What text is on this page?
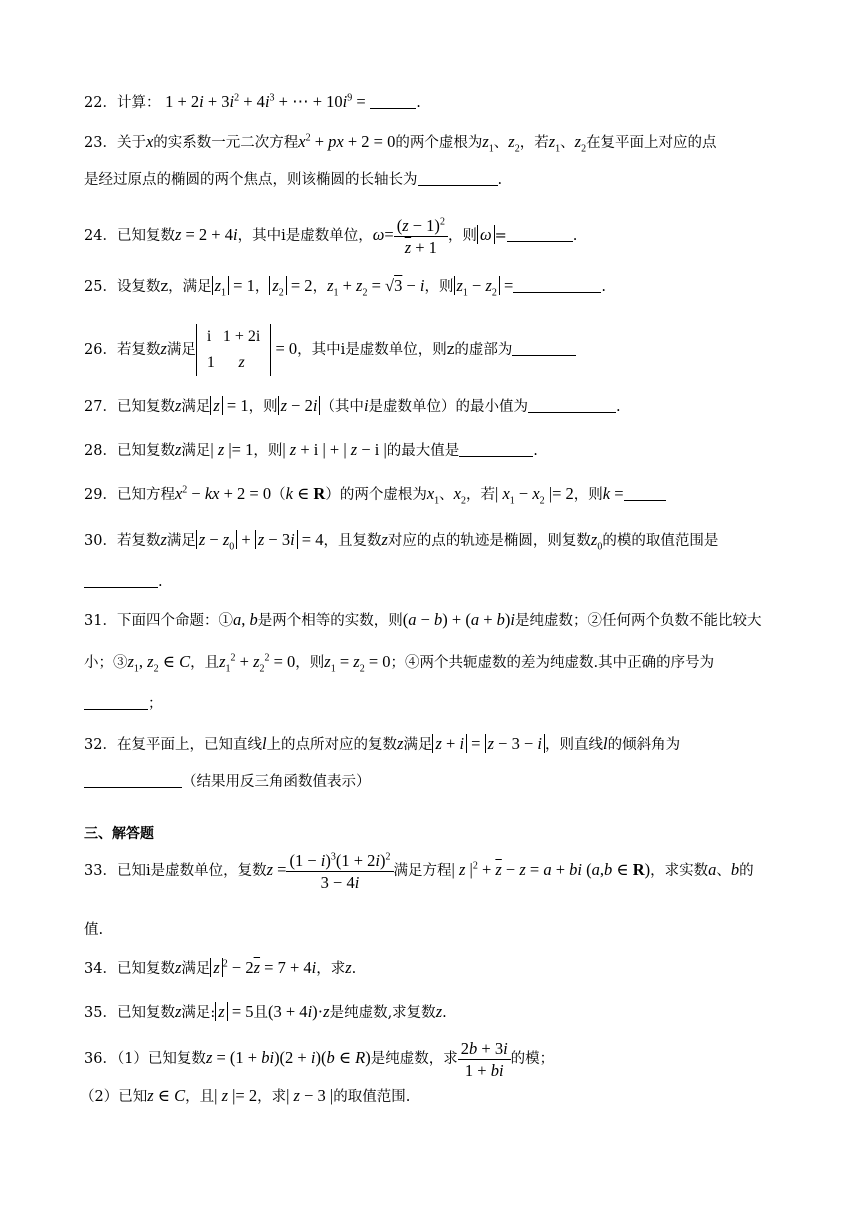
22．计算： $1 + 2i + 3i^2 + 4i^3$ + ⋯ + $10i^9$ =	.
23．关于x的实系数一元二次方程$x^2$ + px + 2 = 0的两个虚根为$z_1$、$z_2$，若$z_1$、$z_2$在复平面上对应的点
是经过原点的椭圆的两个焦点，则该椭圆的长轴长为	.
24．已知复数z = 2 + 4i，其中i是虚数单位，$\omega= \frac{(z - 1)^2}{\overline{z} + 1}$ ，则 ω =	.
25．设复数z，满足 $z_1 = 1$， $z_2 = 2$，$z_1 + z_2 = √3 - i$，则 $z_1 - z_2$ =	.
26．若复数z满足
i	1 + 2i
1	z
= 0，其中i是虚数单位，则z的虚部为
27．已知复数z满足 z = 1，则 z − 2i （其中i是虚数单位）的最小值为	.
28．已知复数z满足| z |= 1，则| z + i | + | z − i |的最大值是	.
29．已知方程$x^2$ − kx + 2 = 0（k ∈ R）的两个虚根为$x_1$、$x_2$，若| $x_1 - x_2$ |= 2，则k =
30．若复数z满足 $z - z_0 + z - 3i = 4$，且复数z对应的点的轨迹是椭圆，则复数$z_0$的模的取值范围是
.
31．下面四个命题：①a, b是两个相等的实数，则(a − b) + (a + b)i是纯虚数；②任何两个负数不能比较大
小；$③z_1$, $z_2$ ∈ C，且$z_1^2 + z_2^2 = 0$，则$z_1 = z_2 = 0$；④两个共轭虚数的差为纯虚数.其中正确的序号为
；
32．在复平面上，已知直线l上的点所对应的复数z满足 z + i = z − 3 − i ，则直线l的倾斜角为
（结果用反三角函数值表示）
三、解答题
33．已知i是虚数单位，复数$z = \frac{(1 - i)^3(1 + 2i)^2}{3 - 4i}$ 满足方程| z $|^2 + \overline{z} - z = a$ + bi (a,b ∈ R)，求实数a、b的
值.
34．已知复数z满足 z $^2 - 2\overline{z} = 7 + 4i$，求z.
35．已知复数z满足: z = 5且(3 + 4i)·z是纯虚数,求复数z.
36．（1）已知复数z = (1 + bi)(2 + i)(b ∈ R)是纯虚数，求 $\frac{2b + 3i}{1 + bi}$ 的模；
（2）已知z ∈ C，且| z |= 2，求| z − 3 |的取值范围.
